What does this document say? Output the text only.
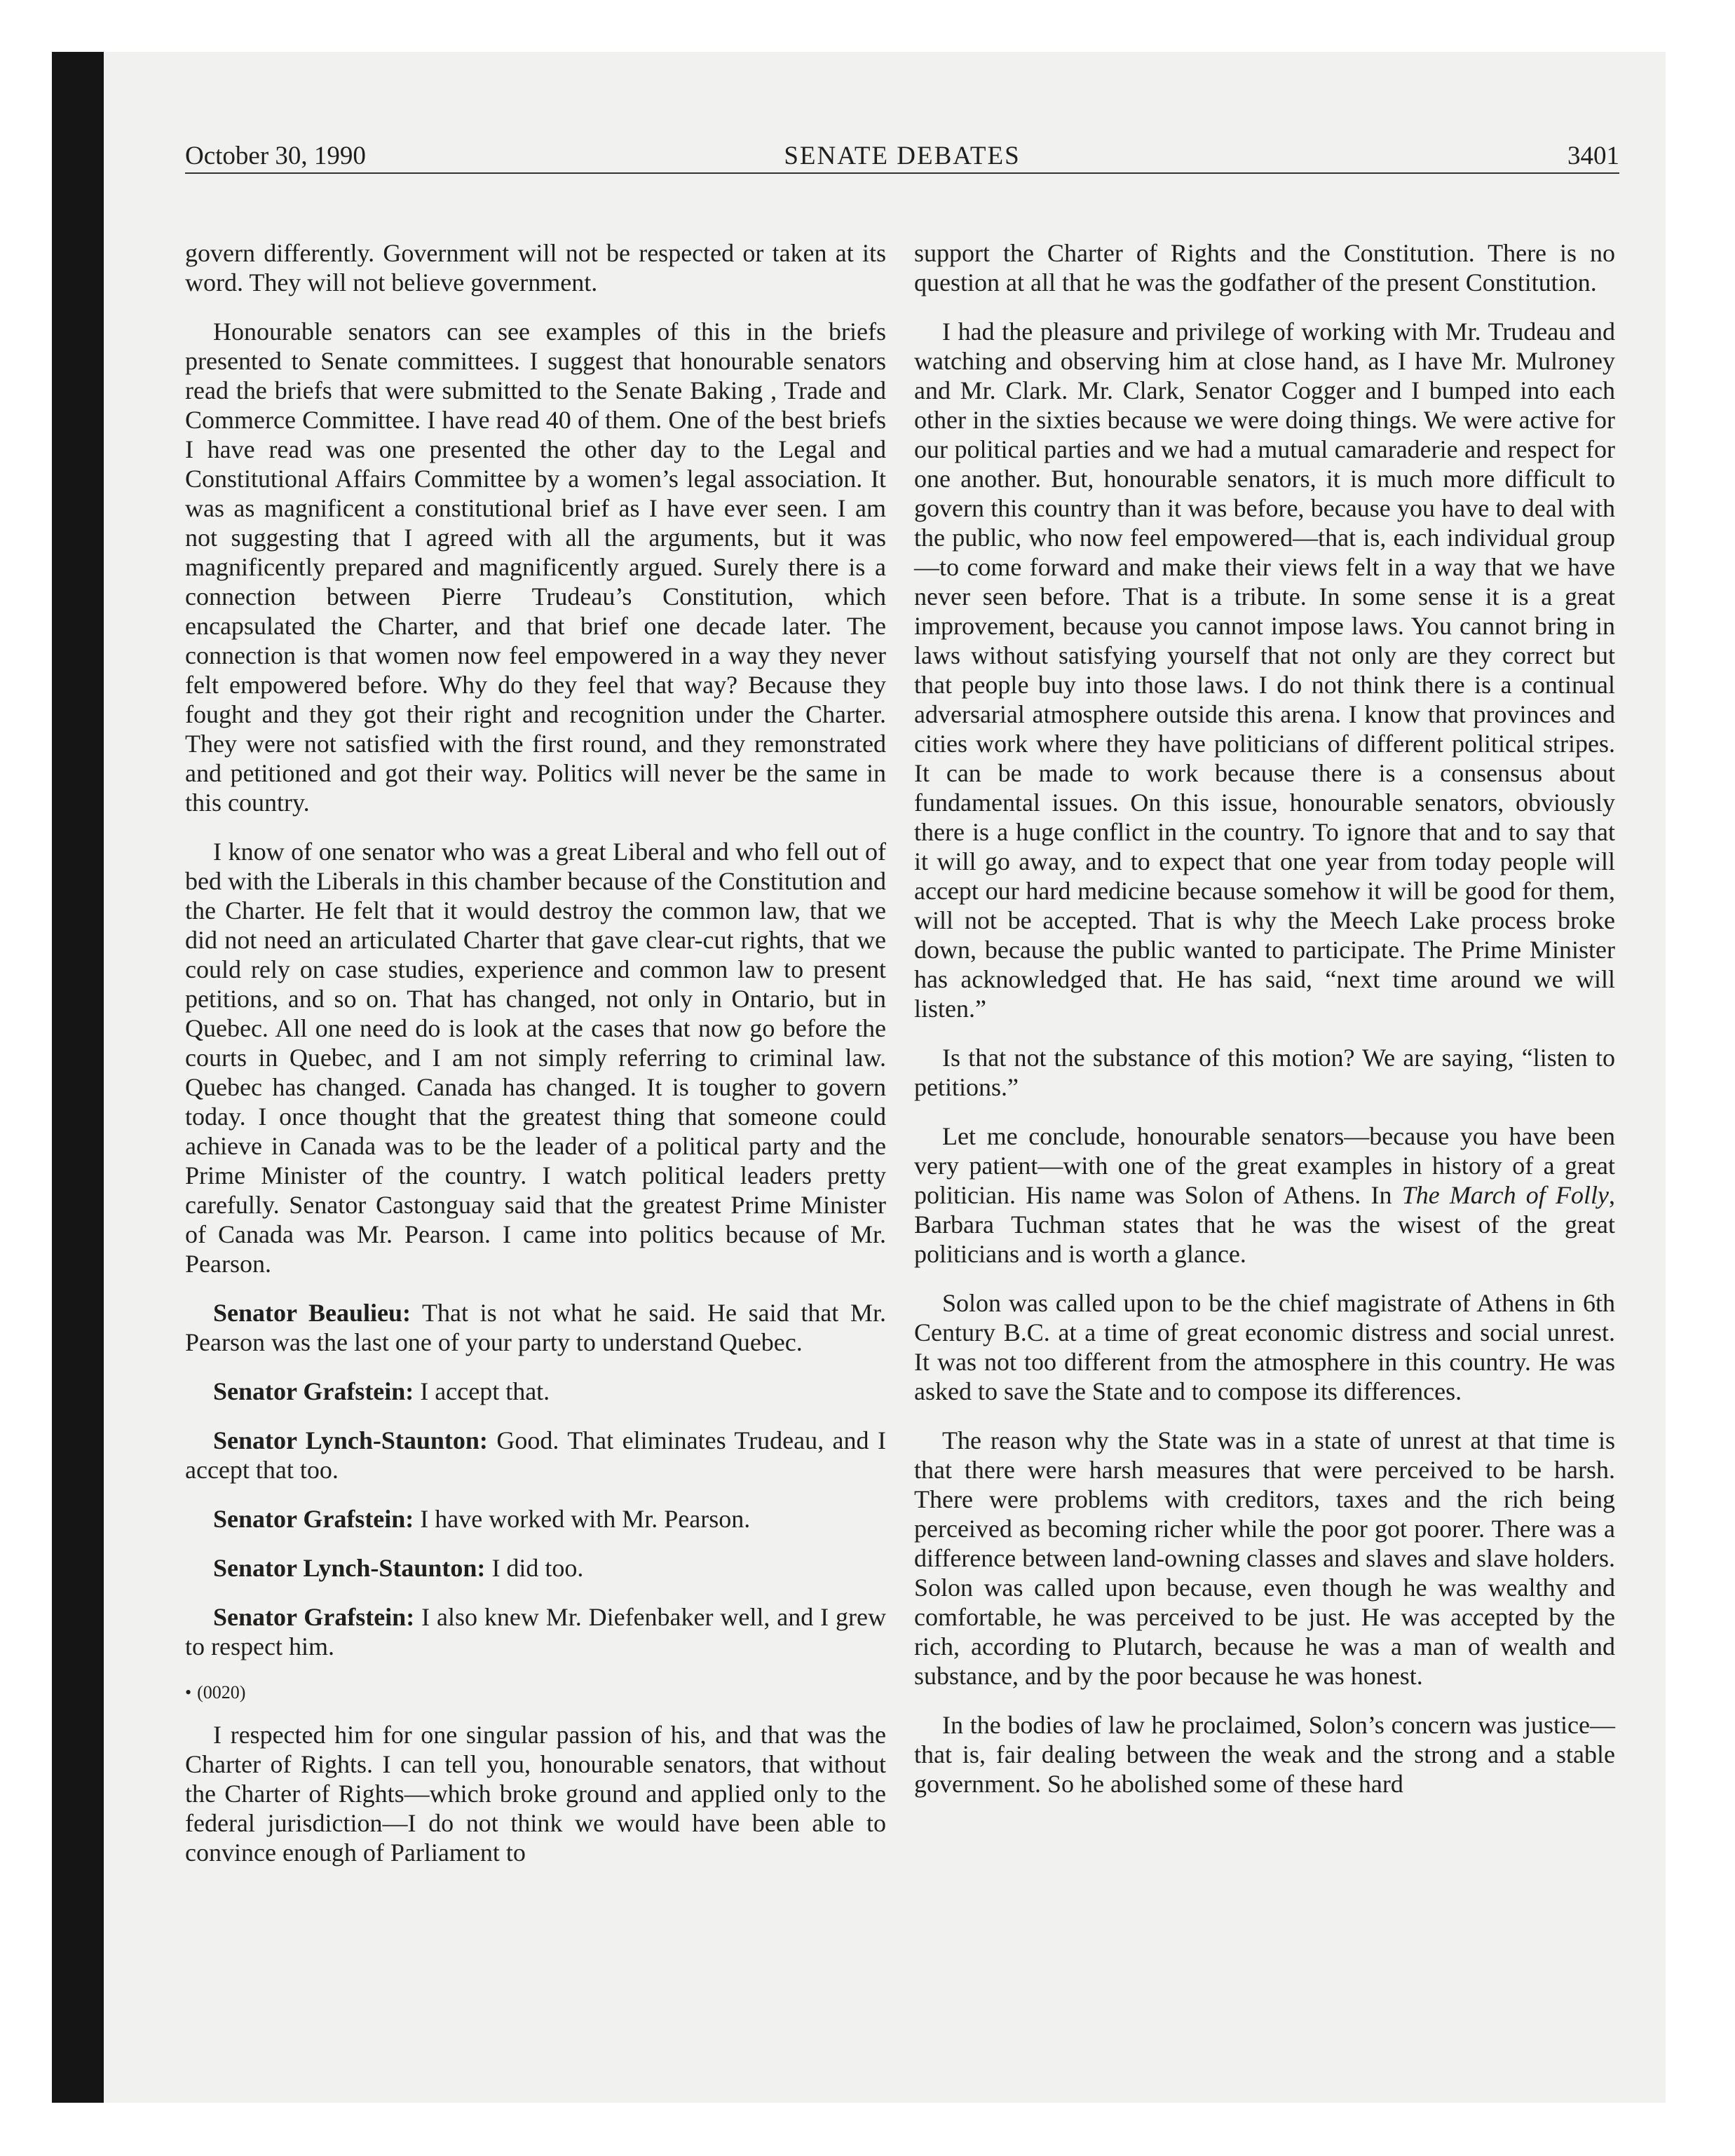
October 30, 1990	SENATE DEBATES	3401

govern differently. Government will not be respected or taken at its word. They will not believe government.

Honourable senators can see examples of this in the briefs presented to Senate committees. I suggest that honourable senators read the briefs that were submitted to the Senate Baking , Trade and Commerce Committee. I have read 40 of them. One of the best briefs I have read was one presented the other day to the Legal and Constitutional Affairs Committee by a women’s legal association. It was as magnificent a constitutional brief as I have ever seen. I am not suggesting that I agreed with all the arguments, but it was magnificently prepared and magnificently argued. Surely there is a connection between Pierre Trudeau’s Constitution, which encapsulated the Charter, and that brief one decade later. The connection is that women now feel empowered in a way they never felt empowered before. Why do they feel that way? Because they fought and they got their right and recognition under the Charter. They were not satisfied with the first round, and they remonstrated and petitioned and got their way. Politics will never be the same in this country.

I know of one senator who was a great Liberal and who fell out of bed with the Liberals in this chamber because of the Constitution and the Charter. He felt that it would destroy the common law, that we did not need an articulated Charter that gave clear-cut rights, that we could rely on case studies, experience and common law to present petitions, and so on. That has changed, not only in Ontario, but in Quebec. All one need do is look at the cases that now go before the courts in Quebec, and I am not simply referring to criminal law. Quebec has changed. Canada has changed. It is tougher to govern today. I once thought that the greatest thing that someone could achieve in Canada was to be the leader of a political party and the Prime Minister of the country. I watch political leaders pretty carefully. Senator Castonguay said that the greatest Prime Minister of Canada was Mr. Pearson. I came into politics because of Mr. Pearson.

Senator Beaulieu: That is not what he said. He said that Mr. Pearson was the last one of your party to understand Quebec.

Senator Grafstein: I accept that.

Senator Lynch-Staunton: Good. That eliminates Trudeau, and I accept that too.

Senator Grafstein: I have worked with Mr. Pearson.

Senator Lynch-Staunton: I did too.

Senator Grafstein: I also knew Mr. Diefenbaker well, and I grew to respect him.

• (0020)

I respected him for one singular passion of his, and that was the Charter of Rights. I can tell you, honourable senators, that without the Charter of Rights—which broke ground and applied only to the federal jurisdiction—I do not think we would have been able to convince enough of Parliament to

support the Charter of Rights and the Constitution. There is no question at all that he was the godfather of the present Constitution.

I had the pleasure and privilege of working with Mr. Trudeau and watching and observing him at close hand, as I have Mr. Mulroney and Mr. Clark. Mr. Clark, Senator Cogger and I bumped into each other in the sixties because we were doing things. We were active for our political parties and we had a mutual camaraderie and respect for one another. But, honourable senators, it is much more difficult to govern this country than it was before, because you have to deal with the public, who now feel empowered—that is, each individual group—to come forward and make their views felt in a way that we have never seen before. That is a tribute. In some sense it is a great improvement, because you cannot impose laws. You cannot bring in laws without satisfying yourself that not only are they correct but that people buy into those laws. I do not think there is a continual adversarial atmosphere outside this arena. I know that provinces and cities work where they have politicians of different political stripes. It can be made to work because there is a consensus about fundamental issues. On this issue, honourable senators, obviously there is a huge conflict in the country. To ignore that and to say that it will go away, and to expect that one year from today people will accept our hard medicine because somehow it will be good for them, will not be accepted. That is why the Meech Lake process broke down, because the public wanted to participate. The Prime Minister has acknowledged that. He has said, “next time around we will listen.”

Is that not the substance of this motion? We are saying, “listen to petitions.”

Let me conclude, honourable senators—because you have been very patient—with one of the great examples in history of a great politician. His name was Solon of Athens. In The March of Folly, Barbara Tuchman states that he was the wisest of the great politicians and is worth a glance.

Solon was called upon to be the chief magistrate of Athens in 6th Century B.C. at a time of great economic distress and social unrest. It was not too different from the atmosphere in this country. He was asked to save the State and to compose its differences.

The reason why the State was in a state of unrest at that time is that there were harsh measures that were perceived to be harsh. There were problems with creditors, taxes and the rich being perceived as becoming richer while the poor got poorer. There was a difference between land-owning classes and slaves and slave holders. Solon was called upon because, even though he was wealthy and comfortable, he was perceived to be just. He was accepted by the rich, according to Plutarch, because he was a man of wealth and substance, and by the poor because he was honest.

In the bodies of law he proclaimed, Solon’s concern was justice—that is, fair dealing between the weak and the strong and a stable government. So he abolished some of these hard
